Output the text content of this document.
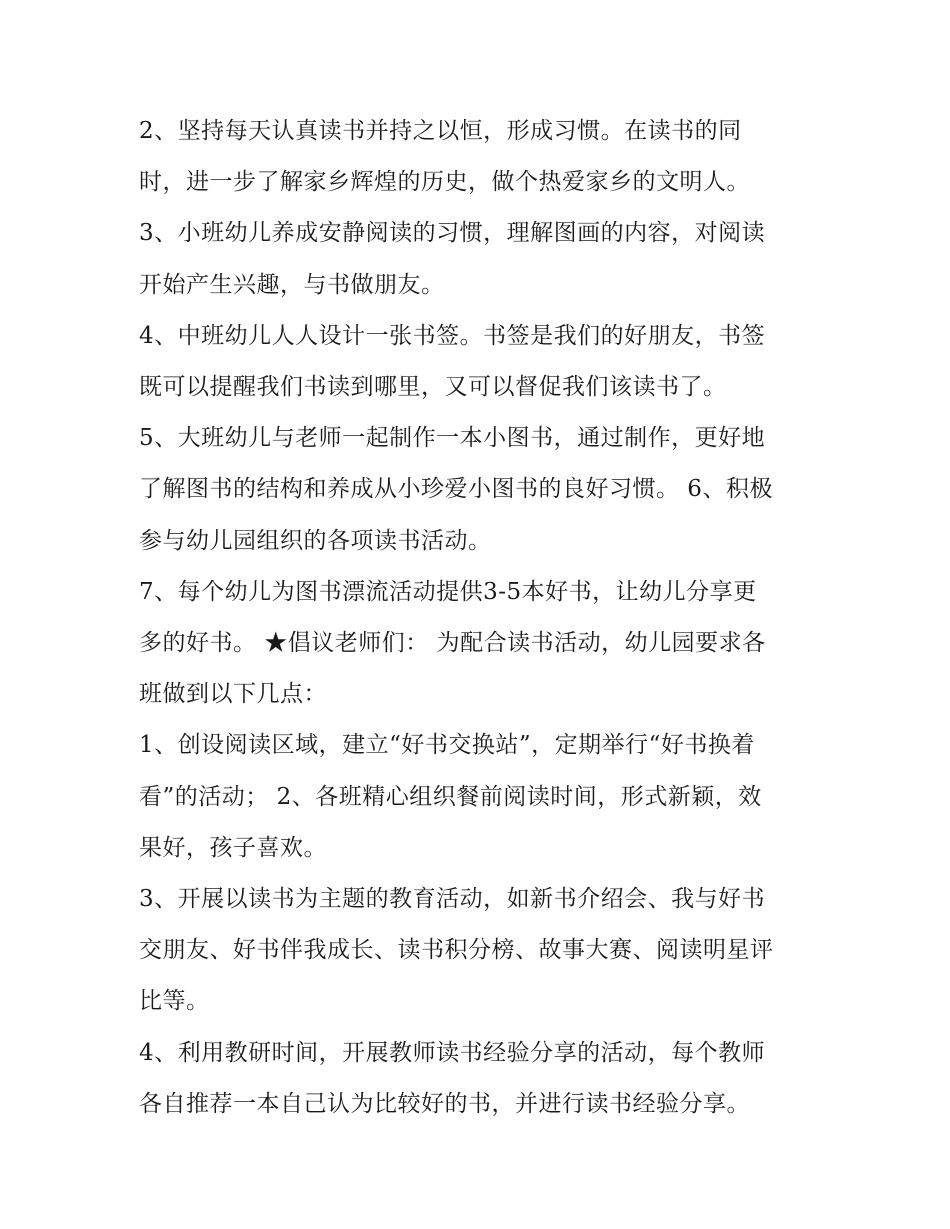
2、坚持每天认真读书并持之以恒，形成习惯。在读书的同
时，进一步了解家乡辉煌的历史，做个热爱家乡的文明人。

3、小班幼儿养成安静阅读的习惯，理解图画的内容，对阅读
开始产生兴趣，与书做朋友。

4、中班幼儿人人设计一张书签。书签是我们的好朋友，书签
既可以提醒我们书读到哪里，又可以督促我们该读书了。

5、大班幼儿与老师一起制作一本小图书，通过制作，更好地
了解图书的结构和养成从小珍爱小图书的良好习惯。 6、积极
参与幼儿园组织的各项读书活动。

7、每个幼儿为图书漂流活动提供3-5本好书，让幼儿分享更
多的好书。 ★倡议老师们： 为配合读书活动，幼儿园要求各
班做到以下几点：

1、创设阅读区域，建立“好书交换站”，定期举行“好书换着
看”的活动； 2、各班精心组织餐前阅读时间，形式新颖，效
果好，孩子喜欢。

3、开展以读书为主题的教育活动，如新书介绍会、我与好书
交朋友、好书伴我成长、读书积分榜、故事大赛、阅读明星评
比等。

4、利用教研时间，开展教师读书经验分享的活动，每个教师
各自推荐一本自己认为比较好的书，并进行读书经验分享。
